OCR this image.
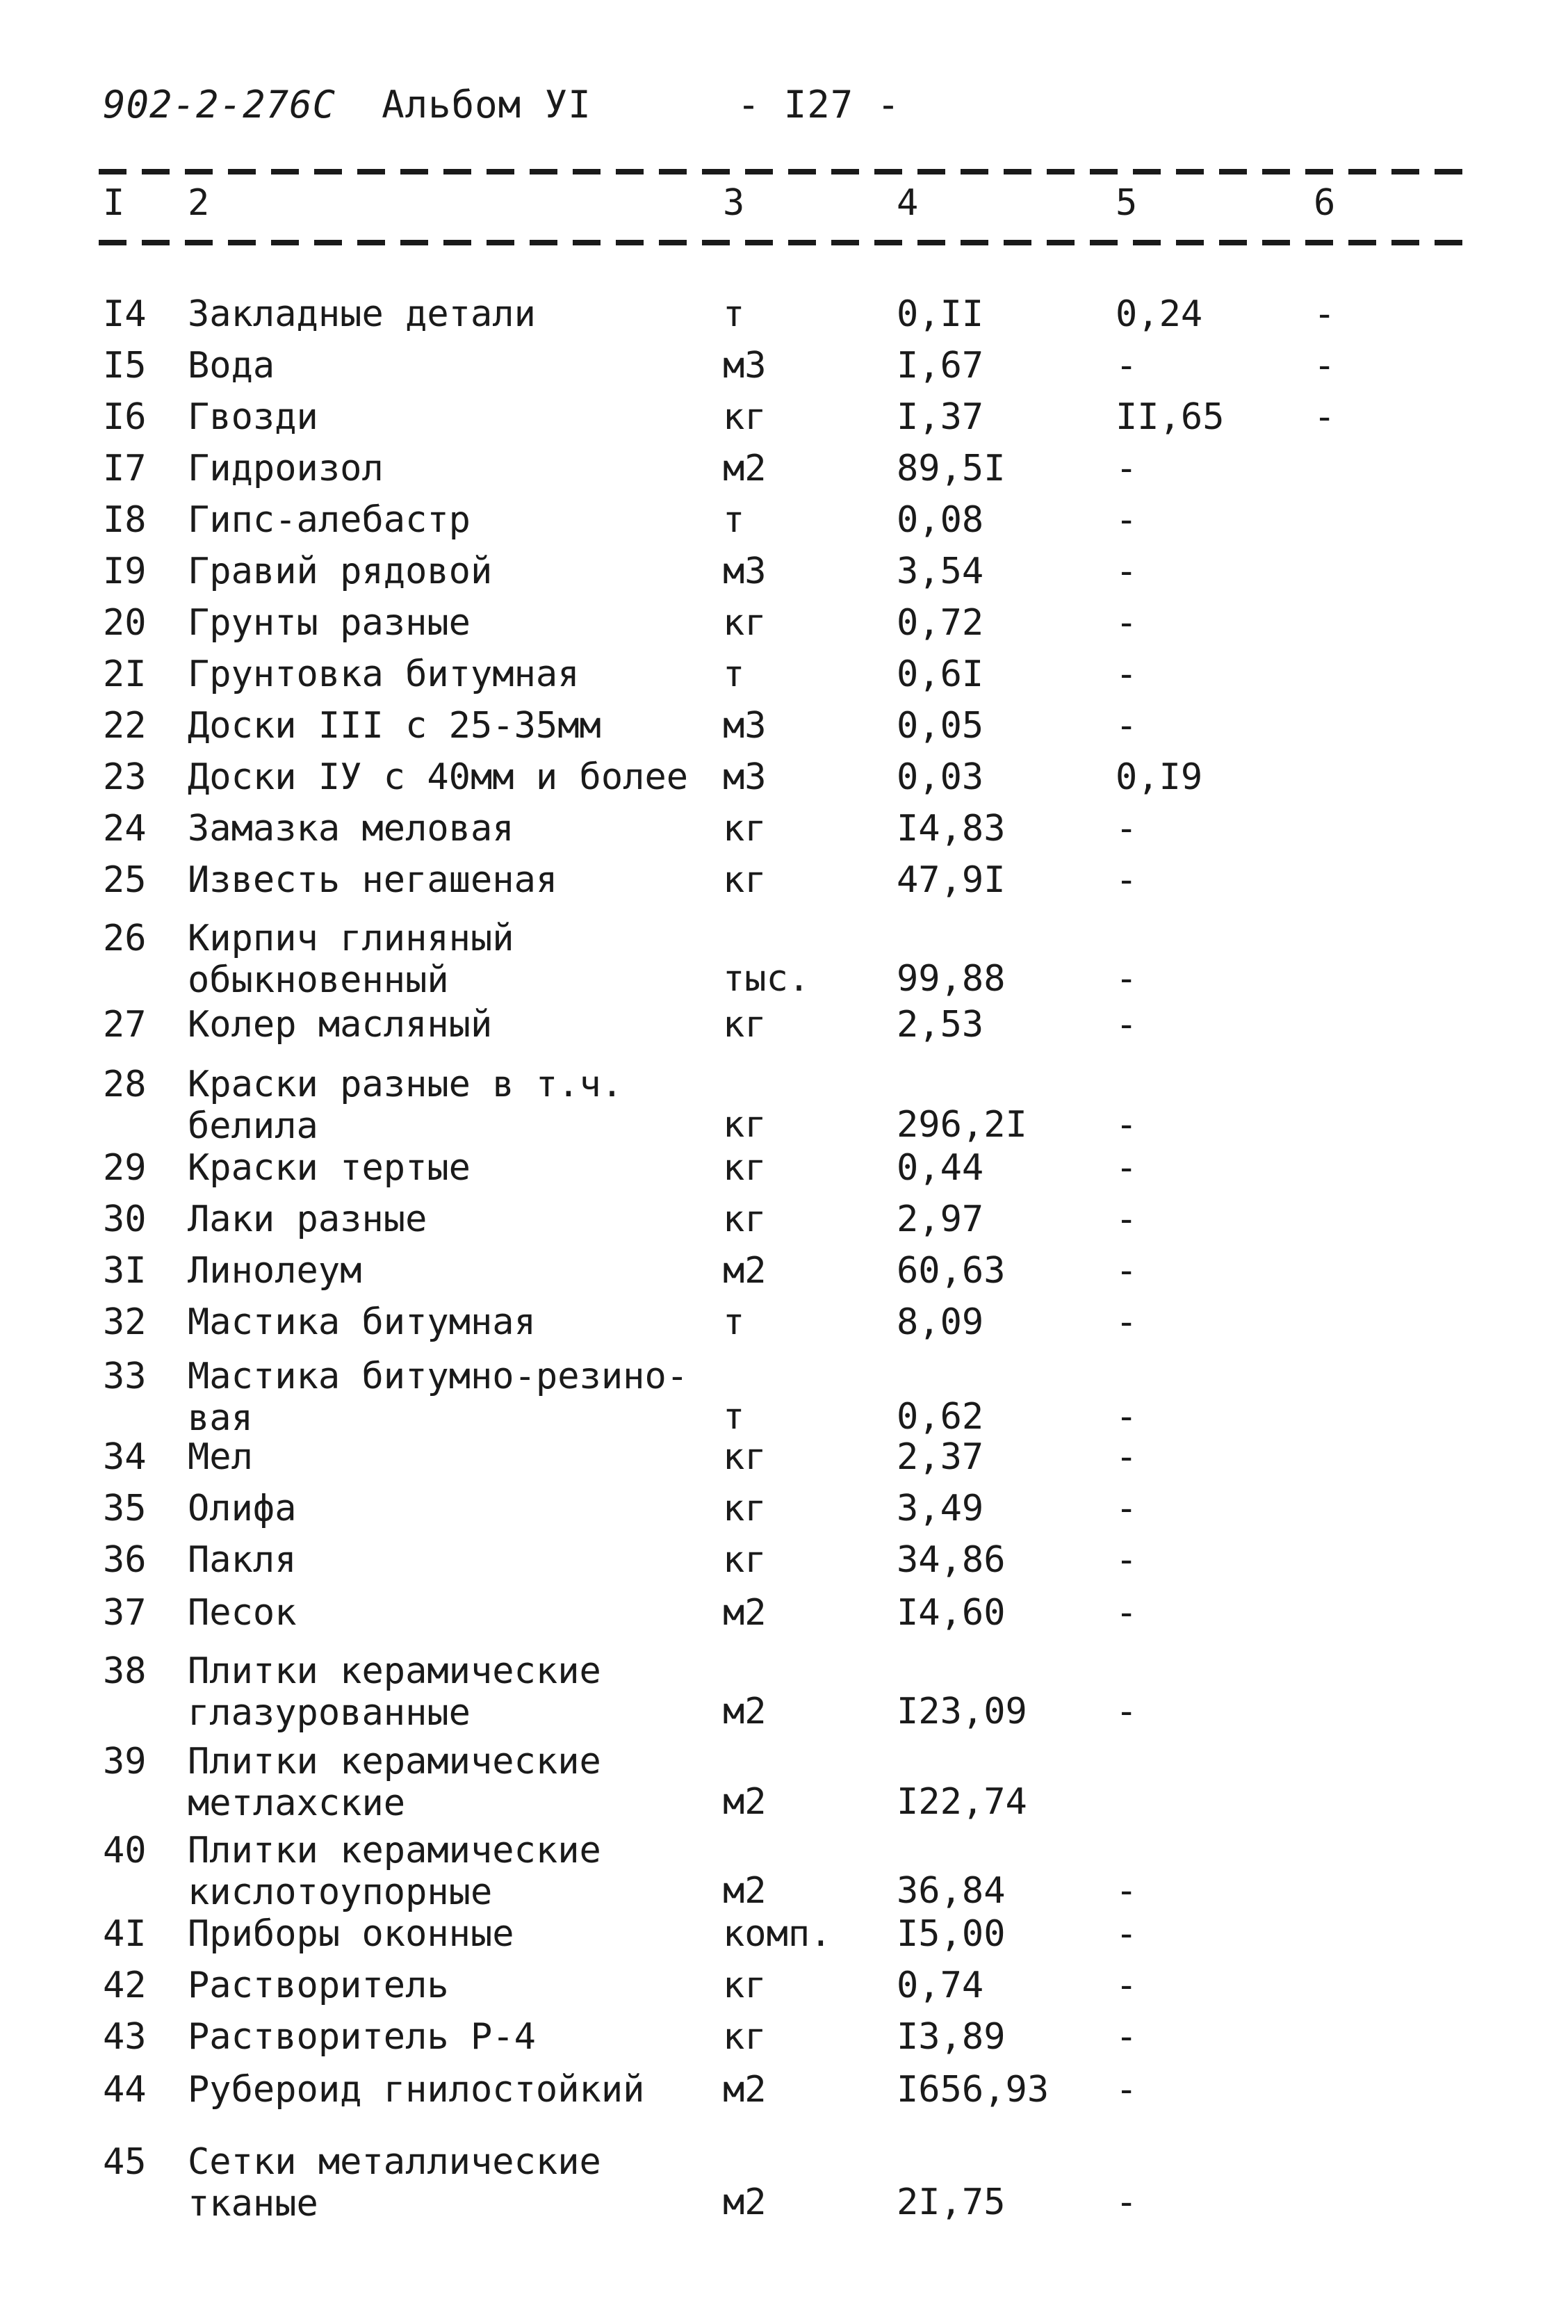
902-2-276С Альбом УI	- I27 -
I 2	3	4	5	6
I4 Закладные детали	т	0,II	0,24	-
I5 Вода	м3	I,67	-	-
I6 Гвозди	кг	I,37	II,65 -
I7 Гидроизол	м2	89,5I	-
I8 Гипс-алебастр	т	0,08	-
I9 Гравий рядовой	м3	3,54	-
20 Грунты разные	кг	0,72	-
2I Грунтовка битумная	т	0,6I	-
22 Доски III с 25-35мм	м3	0,05	-
23 Доски IУ с 40мм и более м3	0,03	0,I9
24 Замазка меловая	кг	I4,83	-
25 Известь негашеная	кг	47,9I	-
26 Кирпич глиняный
обыкновенный	тыс. 99,88	-
27 Колер масляный	кг	2,53	-
28 Краски разные в т.ч.
белила	кг	296,2I -
29 Краски тертые	кг	0,44	-
30 Лаки разные	кг	2,97	-
3I Линолеум	м2	60,63	-
32 Мастика битумная	т	8,09	-
33 Мастика битумно-резино-
вая	т	0,62	-
34 Мел	кг	2,37	-
35 Олифа	кг	3,49	-
36 Пакля	кг	34,86	-
37 Песок	м2	I4,60	-
38 Плитки керамические
глазурованные	м2	I23,09 -
39 Плитки керамические
метлахские	м2	I22,74
40 Плитки керамические
кислотоупорные	м2	36,84	-
4I Приборы оконные	комп. I5,00	-
42 Растворитель	кг	0,74	-
43 Растворитель Р-4	кг	I3,89	-
44 Рубероид гнилостойкий м2	I656,93 -
45 Сетки металлические
тканые	м2	2I,75	-
